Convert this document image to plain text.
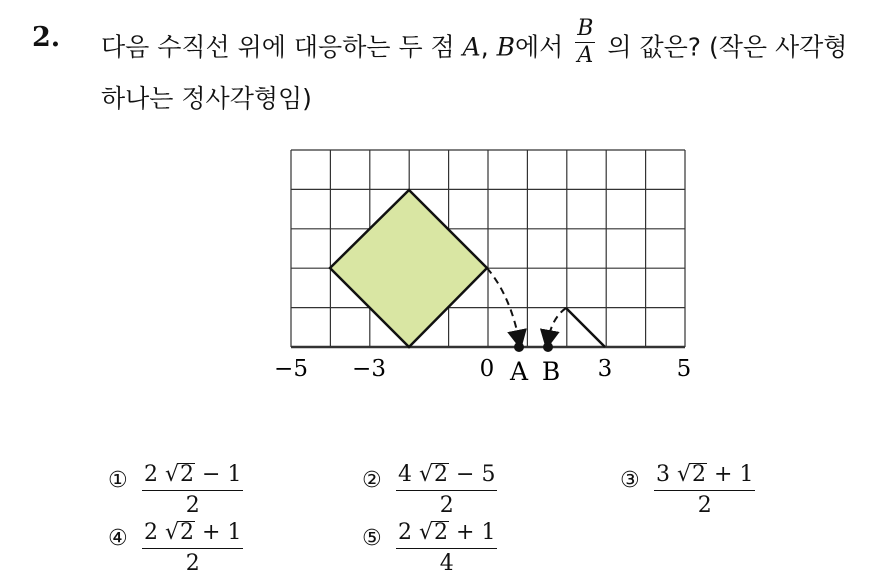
2. 다음 수직선 위에 대응하는 두 점 A, B에서 $\frac{B}{A}$ 의 값은? (작은 사각형
하나는 정사각형임)
−5 −3	0	3	5
A B
① $\frac{2 √2 - 1}{2}$	② $\frac{4 √2 - 5}{2}$	③ $\frac{3 √2 + 1}{2}$
④ $\frac{2 √2 + 1}{2}$	⑤ $\frac{2 √2 + 1}{4}$
